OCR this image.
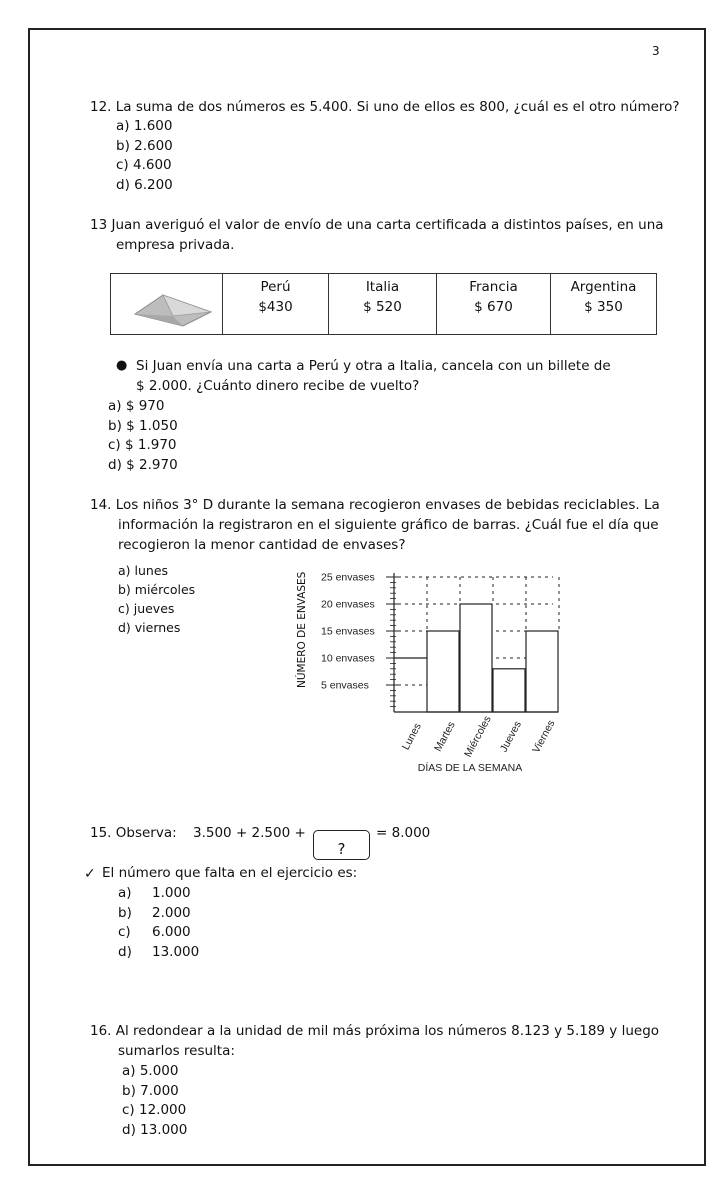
3
12. La suma de dos números es 5.400. Si uno de ellos es 800, ¿cuál es el otro número?
a) 1.600
b) 2.600
c) 4.600
d) 6.200
13 Juan averiguó el valor de envío de una carta certificada a distintos países, en una
empresa privada.
Perú
$430
Italia
$ 520
Francia
$ 670
Argentina
$ 350
● Si Juan envía una carta a Perú y otra a Italia, cancela con un billete de
$ 2.000. ¿Cuánto dinero recibe de vuelto?
a) $ 970
b) $ 1.050
c) $ 1.970
d) $ 2.970
14. Los niños 3° D durante la semana recogieron envases de bebidas reciclables. La
información la registraron en el siguiente gráfico de barras. ¿Cuál fue el día que
recogieron la menor cantidad de envases?
a) lunes
b) miércoles
c) jueves
d) viernes	NÚMERO DE ENVASES 25 envases
20 envases
15 envases
10 envases
5 envases
Lunes Martes Miércoles Jueves Viernes
DÍAS DE LA SEMANA
15. Observa: 3.500 + 2.500 +
?
= 8.000
✓ El número que falta en el ejercicio es:
a) 1.000
b) 2.000
c) 6.000
d) 13.000
16. Al redondear a la unidad de mil más próxima los números 8.123 y 5.189 y luego
sumarlos resulta:
a) 5.000
b) 7.000
c) 12.000
d) 13.000
